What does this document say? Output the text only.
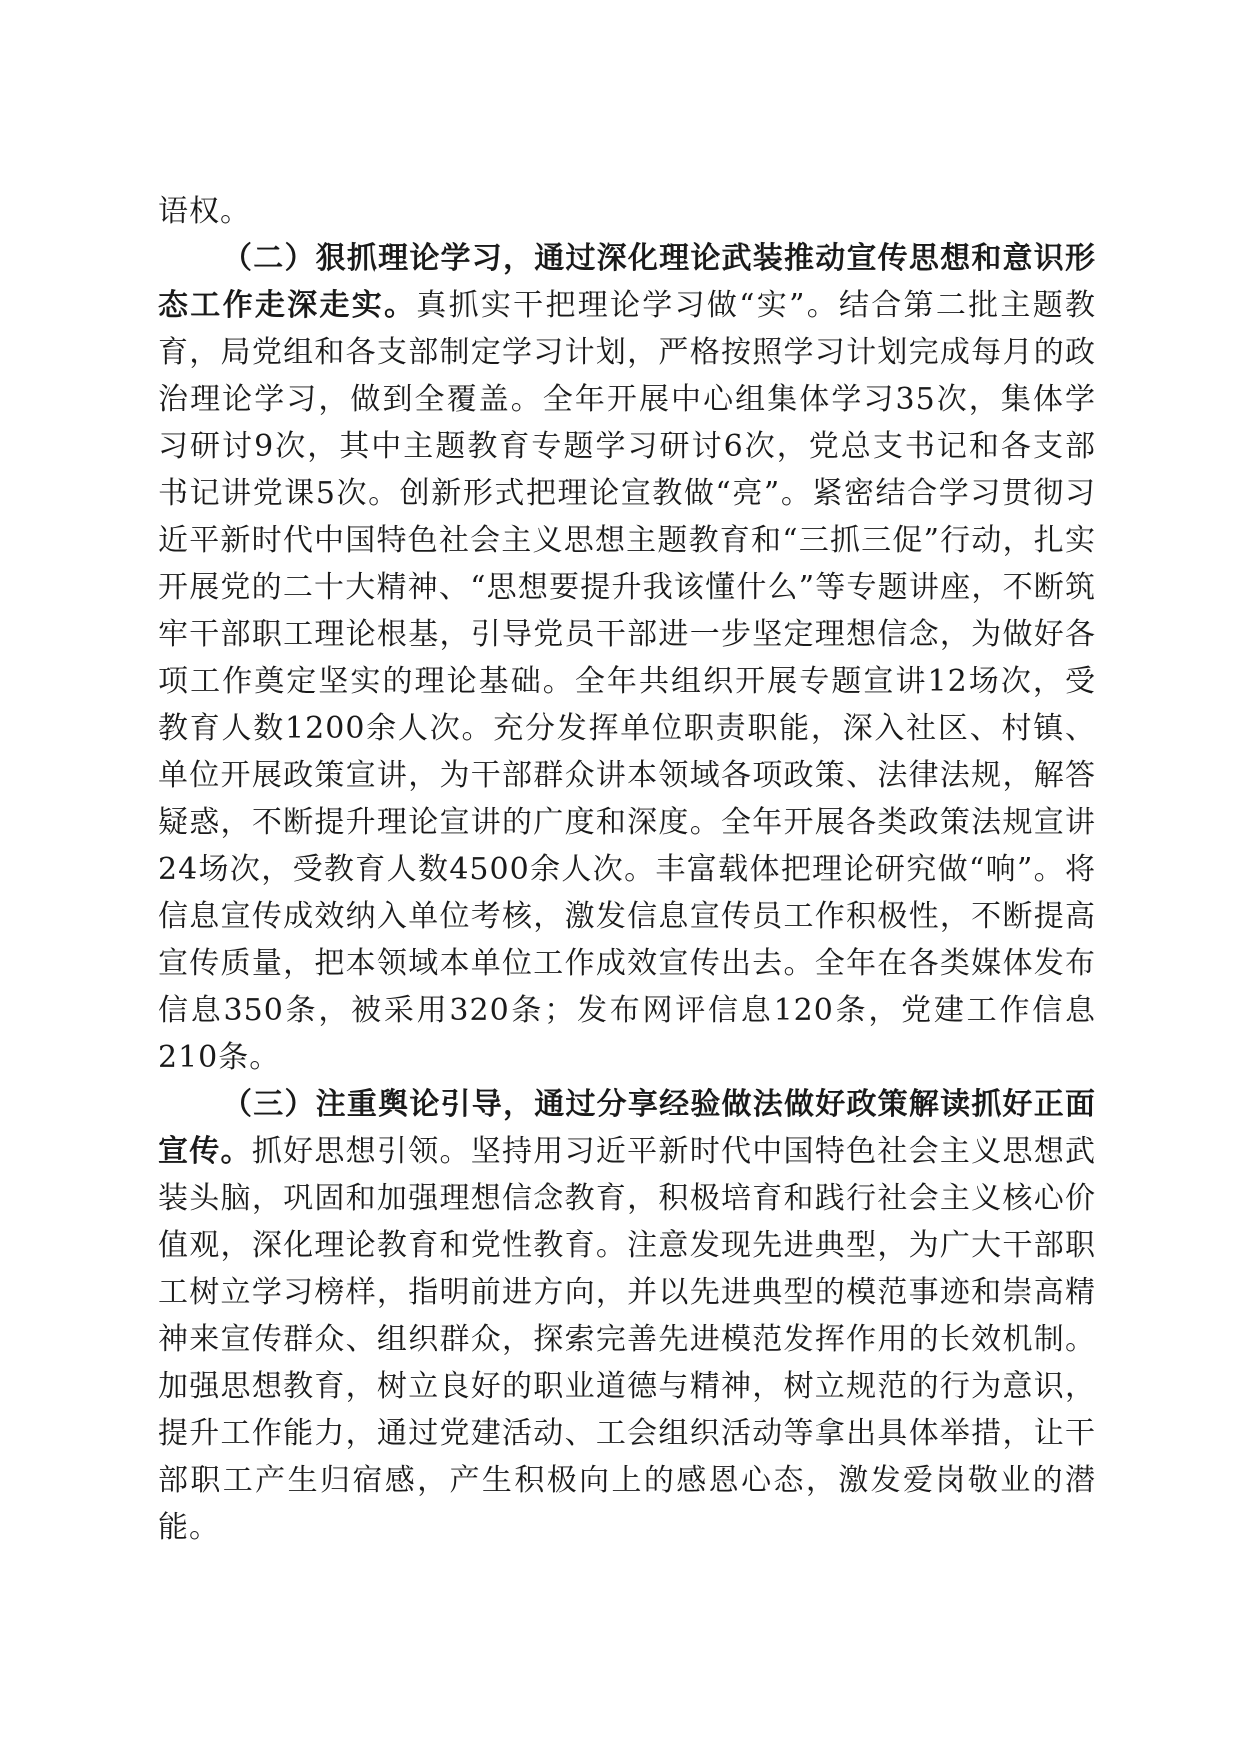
语权。

（二）狠抓理论学习，通过深化理论武装推动宣传思想和意识形态工作走深走实。真抓实干把理论学习做“实”。结合第二批主题教育，局党组和各支部制定学习计划，严格按照学习计划完成每月的政治理论学习，做到全覆盖。全年开展中心组集体学习35次，集体学习研讨9次，其中主题教育专题学习研讨6次，党总支书记和各支部书记讲党课5次。创新形式把理论宣教做“亮”。紧密结合学习贯彻习近平新时代中国特色社会主义思想主题教育和“三抓三促”行动，扎实开展党的二十大精神、“思想要提升我该懂什么”等专题讲座，不断筑牢干部职工理论根基，引导党员干部进一步坚定理想信念，为做好各项工作奠定坚实的理论基础。全年共组织开展专题宣讲12场次，受教育人数1200余人次。充分发挥单位职责职能，深入社区、村镇、单位开展政策宣讲，为干部群众讲本领域各项政策、法律法规，解答疑惑，不断提升理论宣讲的广度和深度。全年开展各类政策法规宣讲24场次，受教育人数4500余人次。丰富载体把理论研究做“响”。将信息宣传成效纳入单位考核，激发信息宣传员工作积极性，不断提高宣传质量，把本领域本单位工作成效宣传出去。全年在各类媒体发布信息350条，被采用320条；发布网评信息120条，党建工作信息210条。

（三）注重舆论引导，通过分享经验做法做好政策解读抓好正面宣传。抓好思想引领。坚持用习近平新时代中国特色社会主义思想武装头脑，巩固和加强理想信念教育，积极培育和践行社会主义核心价值观，深化理论教育和党性教育。注意发现先进典型，为广大干部职工树立学习榜样，指明前进方向，并以先进典型的模范事迹和崇高精神来宣传群众、组织群众，探索完善先进模范发挥作用的长效机制。加强思想教育，树立良好的职业道德与精神，树立规范的行为意识，提升工作能力，通过党建活动、工会组织活动等拿出具体举措，让干部职工产生归宿感，产生积极向上的感恩心态，激发爱岗敬业的潜能。
